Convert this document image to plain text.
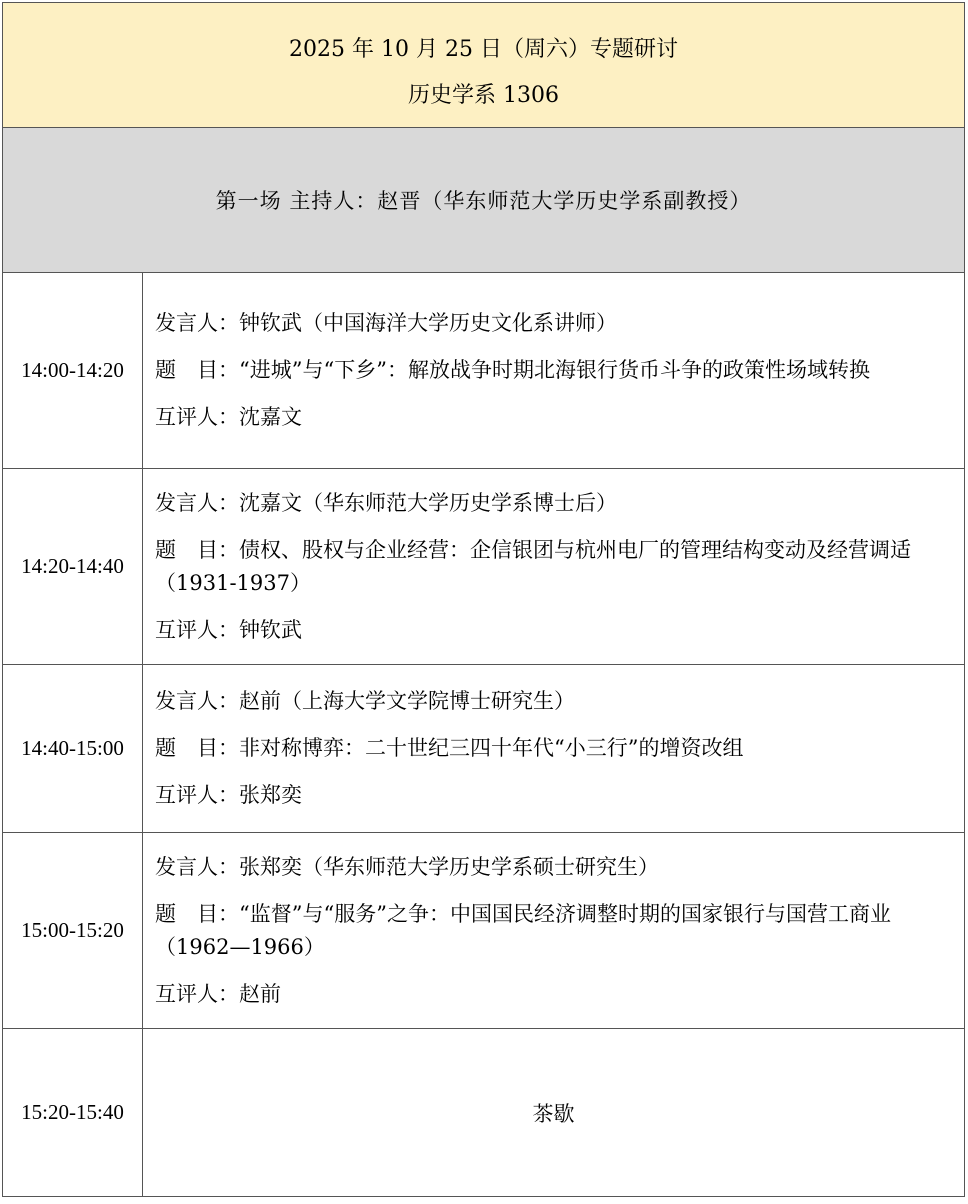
2025 年 10 月 25 日（周六）专题研讨
历史学系 1306	

第一场 主持人：赵晋（华东师范大学历史学系副教授）	
14:00-14:20	发言人：钟钦武（中国海洋大学历史文化系讲师）
题　目：“进城”与“下乡”：解放战争时期北海银行货币斗争的政策性场域转换
互评人：沈嘉文

14:20-14:40	发言人：沈嘉文（华东师范大学历史学系博士后）
题　目：债权、股权与企业经营：企信银团与杭州电厂的管理结构变动及经营调适（1931-1937）
互评人：钟钦武

14:40-15:00	发言人：赵前（上海大学文学院博士研究生）
题　目：非对称博弈：二十世纪三四十年代“小三行”的增资改组
互评人：张郑奕

15:00-15:20	发言人：张郑奕（华东师范大学历史学系硕士研究生）
题　目：“监督”与“服务”之争：中国国民经济调整时期的国家银行与国营工商业（1962—1966）
互评人：赵前

15:20-15:40	茶歇
